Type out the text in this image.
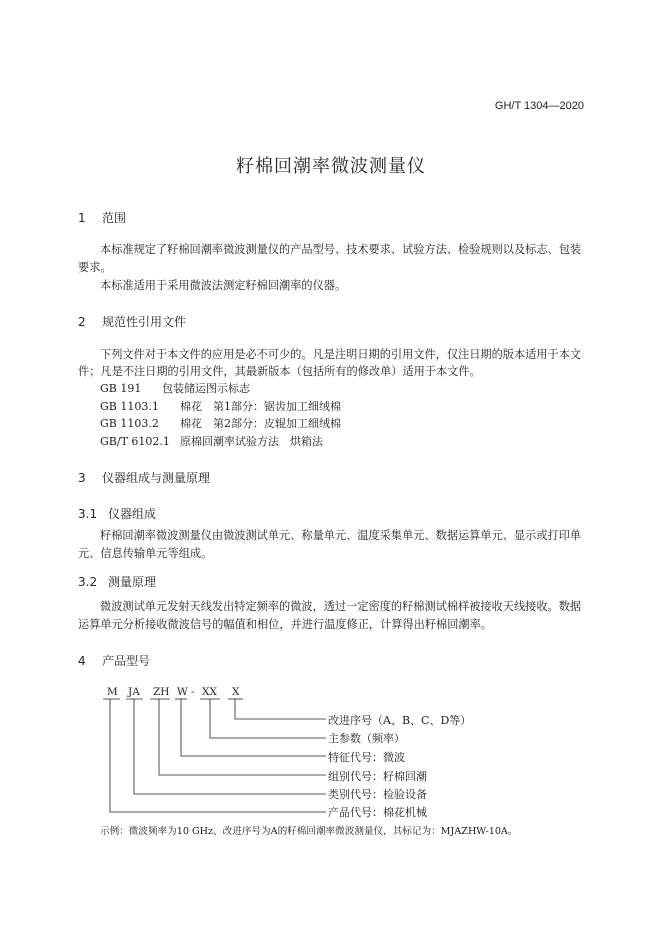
GH/T 1304—2020
籽棉回潮率微波测量仪
1 范围
本标准规定了籽棉回潮率微波测量仪的产品型号、技术要求、试验方法、检验规则以及标志、包装
要求。
本标准适用于采用微波法测定籽棉回潮率的仪器。
2 规范性引用文件
下列文件对于本文件的应用是必不可少的。凡是注明日期的引用文件，仅注日期的版本适用于本文
件；凡是不注日期的引用文件，其最新版本（包括所有的修改单）适用于本文件。
GB 191 包装储运图示标志
GB 1103.1 棉花　第1部分：锯齿加工细绒棉
GB 1103.2 棉花　第2部分：皮辊加工细绒棉
GB/T 6102.1 原棉回潮率试验方法　烘箱法
3 仪器组成与测量原理
3.1 仪器组成
籽棉回潮率微波测量仪由微波测试单元、称量单元、温度采集单元、数据运算单元、显示或打印单
元、信息传输单元等组成。
3.2 测量原理
微波测试单元发射天线发出特定频率的微波，透过一定密度的籽棉测试棉样被接收天线接收。数据
运算单元分析接收微波信号的幅值和相位，并进行温度修正，计算得出籽棉回潮率。
4 产品型号
M JA ZH W - XX X
改进序号（A、B、C、D等）
主参数（频率）
特征代号：微波
组别代号：籽棉回潮
类别代号：检验设备
产品代号：棉花机械
示例：微波频率为10 GHz、改进序号为A的籽棉回潮率微波测量仪，其标记为：MJAZHW-10A。
